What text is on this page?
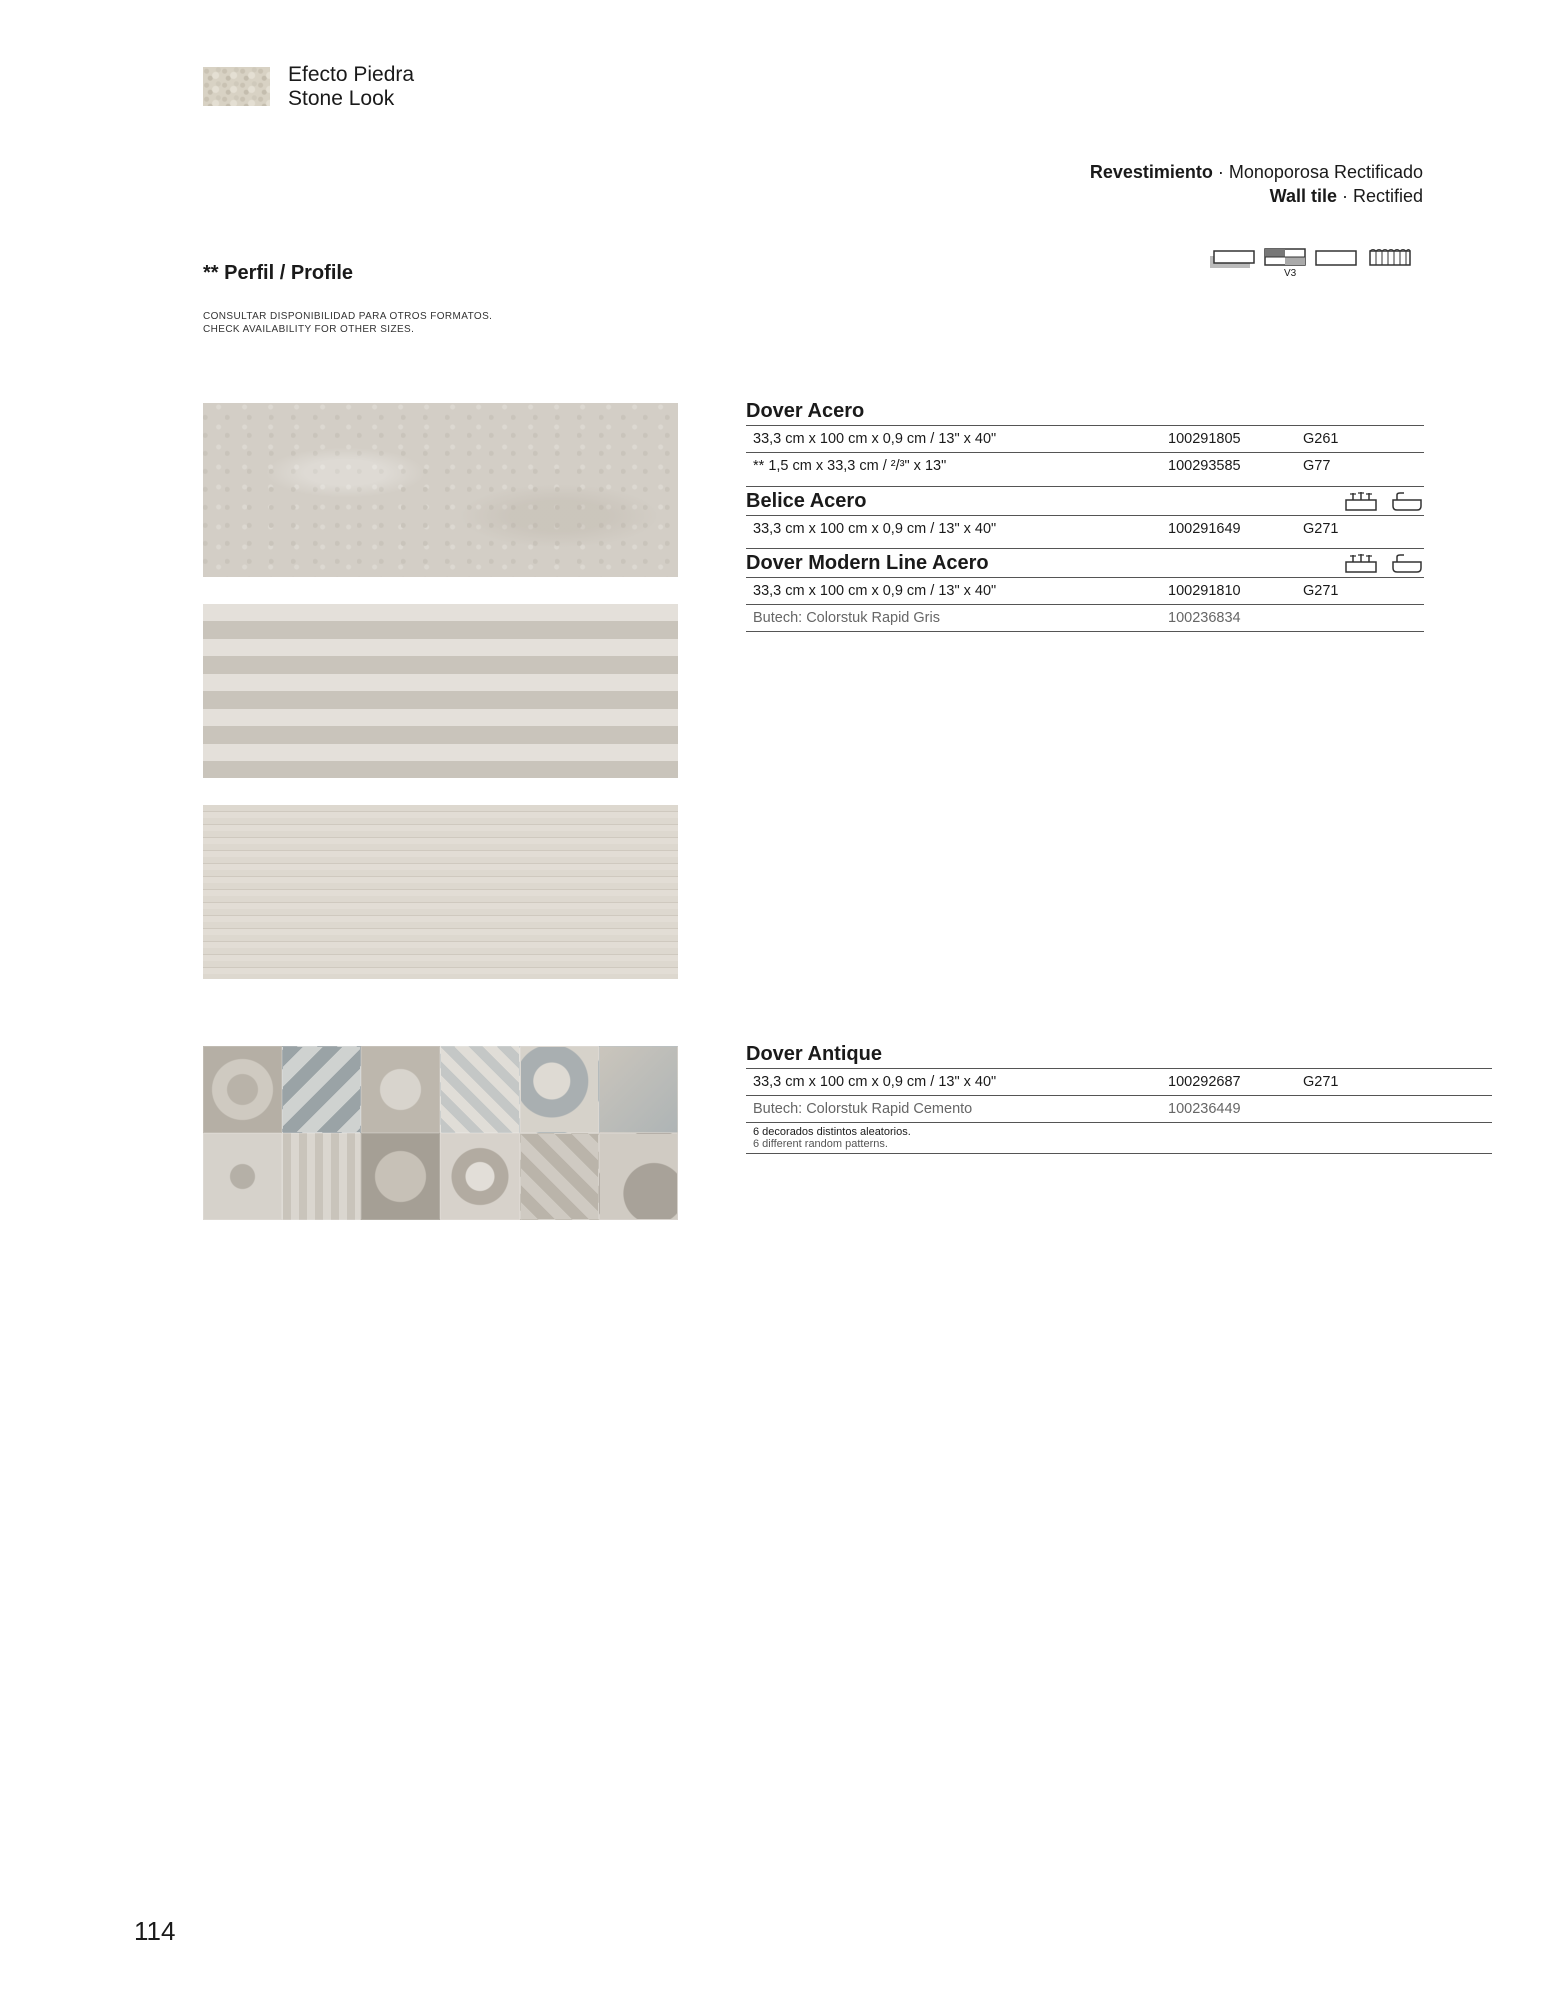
Efecto Piedra
Stone Look
Revestimiento · Monoporosa Rectificado
Wall tile · Rectified
V3
** Perfil / Profile
CONSULTAR DISPONIBILIDAD PARA OTROS FORMATOS.
CHECK AVAILABILITY FOR OTHER SIZES.
Dover Acero
33,3 cm x 100 cm x 0,9 cm / 13" x 40"	100291805	G261
** 1,5 cm x 33,3 cm / ²/³" x 13"	100293585	G77
Belice Acero
33,3 cm x 100 cm x 0,9 cm / 13" x 40"	100291649	G271
Dover Modern Line Acero
33,3 cm x 100 cm x 0,9 cm / 13" x 40"	100291810	G271
Butech: Colorstuk Rapid Gris	100236834
Dover Antique
33,3 cm x 100 cm x 0,9 cm / 13" x 40"	100292687	G271
Butech: Colorstuk Rapid Cemento	100236449
6 decorados distintos aleatorios.
6 different random patterns.
114
